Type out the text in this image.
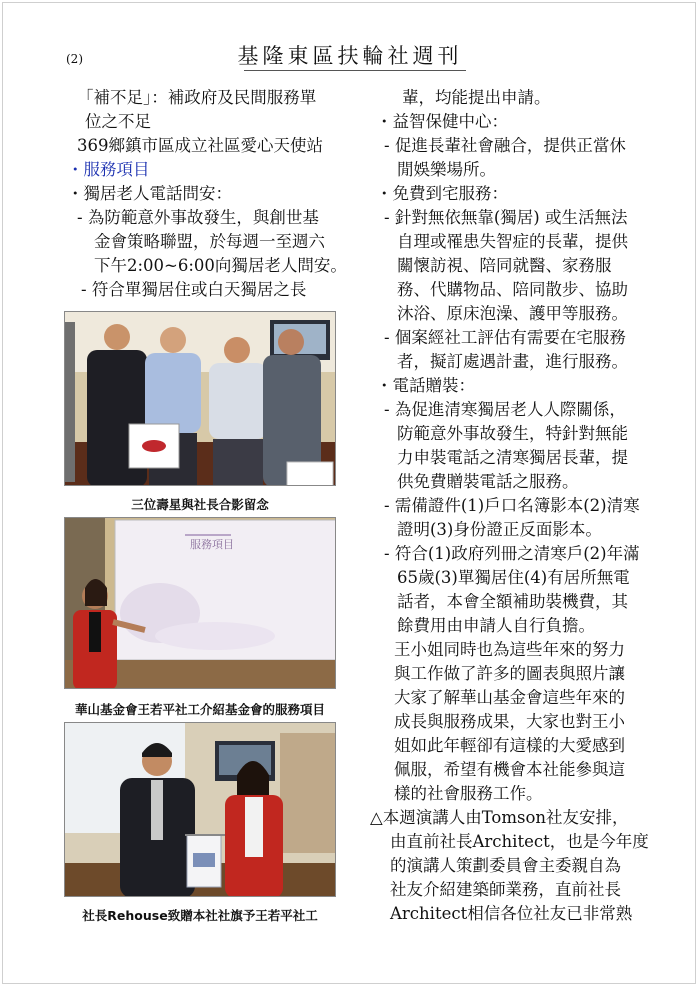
(2)	基隆東區扶輪社週刊
「補不足」：補政府及民間服務單
位之不足
369鄉鎮市區成立社區愛心天使站
・服務項目
・獨居老人電話問安：
- 為防範意外事故發生，與創世基
金會策略聯盟，於每週一至週六
下午2:00~6:00向獨居老人問安。
- 符合單獨居住或白天獨居之長
三位壽星與社長合影留念
服務項目
華山基金會王若平社工介紹基金會的服務項目
社長Rehouse致贈本社社旗予王若平社工
輩，均能提出申請。
・益智保健中心：
- 促進長輩社會融合，提供正當休
閒娛樂場所。
・免費到宅服務：
- 針對無依無靠(獨居) 或生活無法
自理或罹患失智症的長輩，提供
關懷訪視、陪同就醫、家務服
務、代購物品、陪同散步、協助
沐浴、原床泡澡、護甲等服務。
- 個案經社工評估有需要在宅服務
者，擬訂處遇計畫，進行服務。
・電話贈裝：
- 為促進清寒獨居老人人際關係，
防範意外事故發生，特針對無能
力申裝電話之清寒獨居長輩，提
供免費贈裝電話之服務。
- 需備證件(1)戶口名簿影本(2)清寒
證明(3)身份證正反面影本。
- 符合(1)政府列冊之清寒戶(2)年滿
65歲(3)單獨居住(4)有居所無電
話者，本會全額補助裝機費，其
餘費用由申請人自行負擔。
王小姐同時也為這些年來的努力
與工作做了許多的圖表與照片讓
大家了解華山基金會這些年來的
成長與服務成果，大家也對王小
姐如此年輕卻有這樣的大愛感到
佩服，希望有機會本社能參與這
樣的社會服務工作。
△本週演講人由Tomson社友安排，
由直前社長Architect，也是今年度
的演講人策劃委員會主委親自為
社友介紹建築師業務，直前社長
Architect相信各位社友已非常熟
